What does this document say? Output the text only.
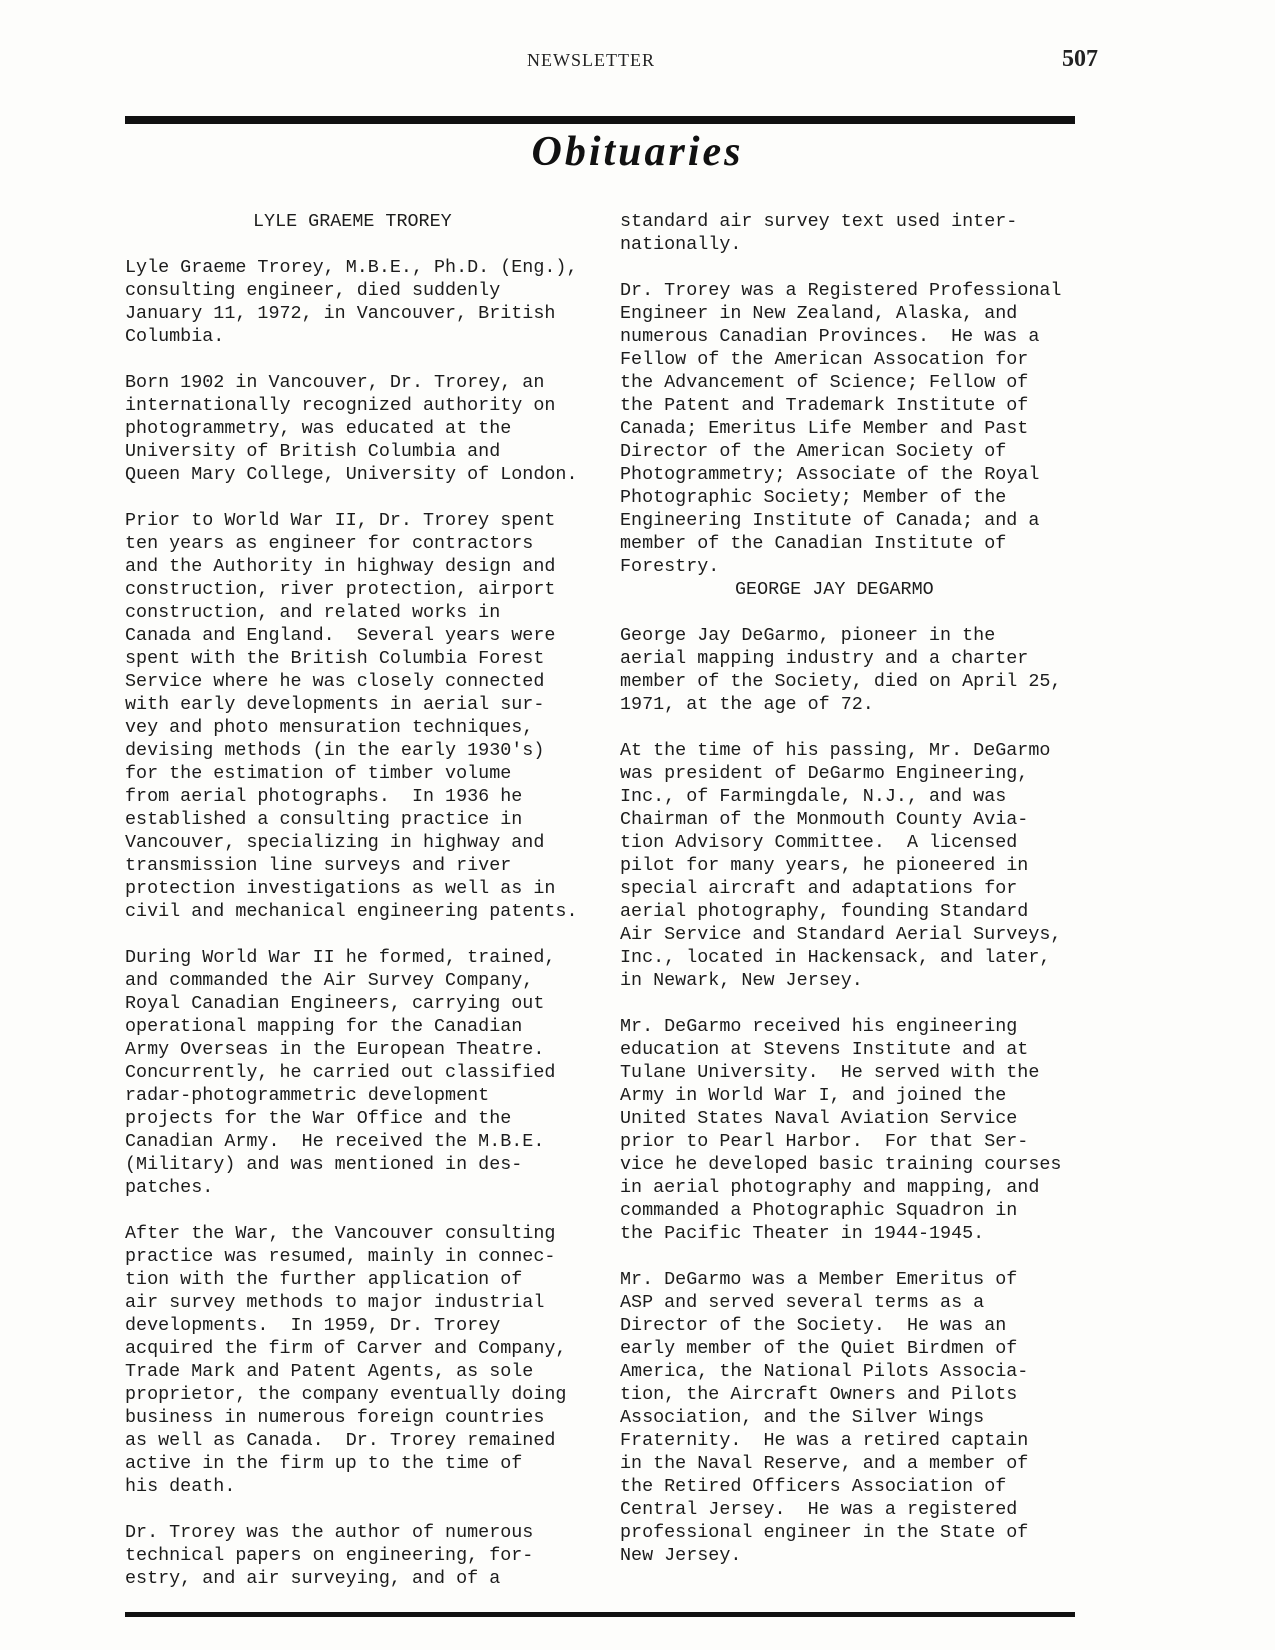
NEWSLETTER	507
Obituaries
LYLE GRAEME TROREY
Lyle Graeme Trorey, M.B.E., Ph.D. (Eng.),
consulting engineer, died suddenly
January 11, 1972, in Vancouver, British
Columbia.
Born 1902 in Vancouver, Dr. Trorey, an
internationally recognized authority on
photogrammetry, was educated at the
University of British Columbia and
Queen Mary College, University of London.
Prior to World War II, Dr. Trorey spent
ten years as engineer for contractors
and the Authority in highway design and
construction, river protection, airport
construction, and related works in
Canada and England.  Several years were
spent with the British Columbia Forest
Service where he was closely connected
with early developments in aerial sur-
vey and photo mensuration techniques,
devising methods (in the early 1930's)
for the estimation of timber volume
from aerial photographs.  In 1936 he
established a consulting practice in
Vancouver, specializing in highway and
transmission line surveys and river
protection investigations as well as in
civil and mechanical engineering patents.
During World War II he formed, trained,
and commanded the Air Survey Company,
Royal Canadian Engineers, carrying out
operational mapping for the Canadian
Army Overseas in the European Theatre.
Concurrently, he carried out classified
radar-photogrammetric development
projects for the War Office and the
Canadian Army.  He received the M.B.E.
(Military) and was mentioned in des-
patches.
After the War, the Vancouver consulting
practice was resumed, mainly in connec-
tion with the further application of
air survey methods to major industrial
developments.  In 1959, Dr. Trorey
acquired the firm of Carver and Company,
Trade Mark and Patent Agents, as sole
proprietor, the company eventually doing
business in numerous foreign countries
as well as Canada.  Dr. Trorey remained
active in the firm up to the time of
his death.
Dr. Trorey was the author of numerous
technical papers on engineering, for-
estry, and air surveying, and of a
standard air survey text used inter-
nationally.
Dr. Trorey was a Registered Professional
Engineer in New Zealand, Alaska, and
numerous Canadian Provinces.  He was a
Fellow of the American Assocation for
the Advancement of Science; Fellow of
the Patent and Trademark Institute of
Canada; Emeritus Life Member and Past
Director of the American Society of
Photogrammetry; Associate of the Royal
Photographic Society; Member of the
Engineering Institute of Canada; and a
member of the Canadian Institute of
Forestry.
GEORGE JAY DEGARMO
George Jay DeGarmo, pioneer in the
aerial mapping industry and a charter
member of the Society, died on April 25,
1971, at the age of 72.
At the time of his passing, Mr. DeGarmo
was president of DeGarmo Engineering,
Inc., of Farmingdale, N.J., and was
Chairman of the Monmouth County Avia-
tion Advisory Committee.  A licensed
pilot for many years, he pioneered in
special aircraft and adaptations for
aerial photography, founding Standard
Air Service and Standard Aerial Surveys,
Inc., located in Hackensack, and later,
in Newark, New Jersey.
Mr. DeGarmo received his engineering
education at Stevens Institute and at
Tulane University.  He served with the
Army in World War I, and joined the
United States Naval Aviation Service
prior to Pearl Harbor.  For that Ser-
vice he developed basic training courses
in aerial photography and mapping, and
commanded a Photographic Squadron in
the Pacific Theater in 1944-1945.
Mr. DeGarmo was a Member Emeritus of
ASP and served several terms as a
Director of the Society.  He was an
early member of the Quiet Birdmen of
America, the National Pilots Associa-
tion, the Aircraft Owners and Pilots
Association, and the Silver Wings
Fraternity.  He was a retired captain
in the Naval Reserve, and a member of
the Retired Officers Association of
Central Jersey.  He was a registered
professional engineer in the State of
New Jersey.
